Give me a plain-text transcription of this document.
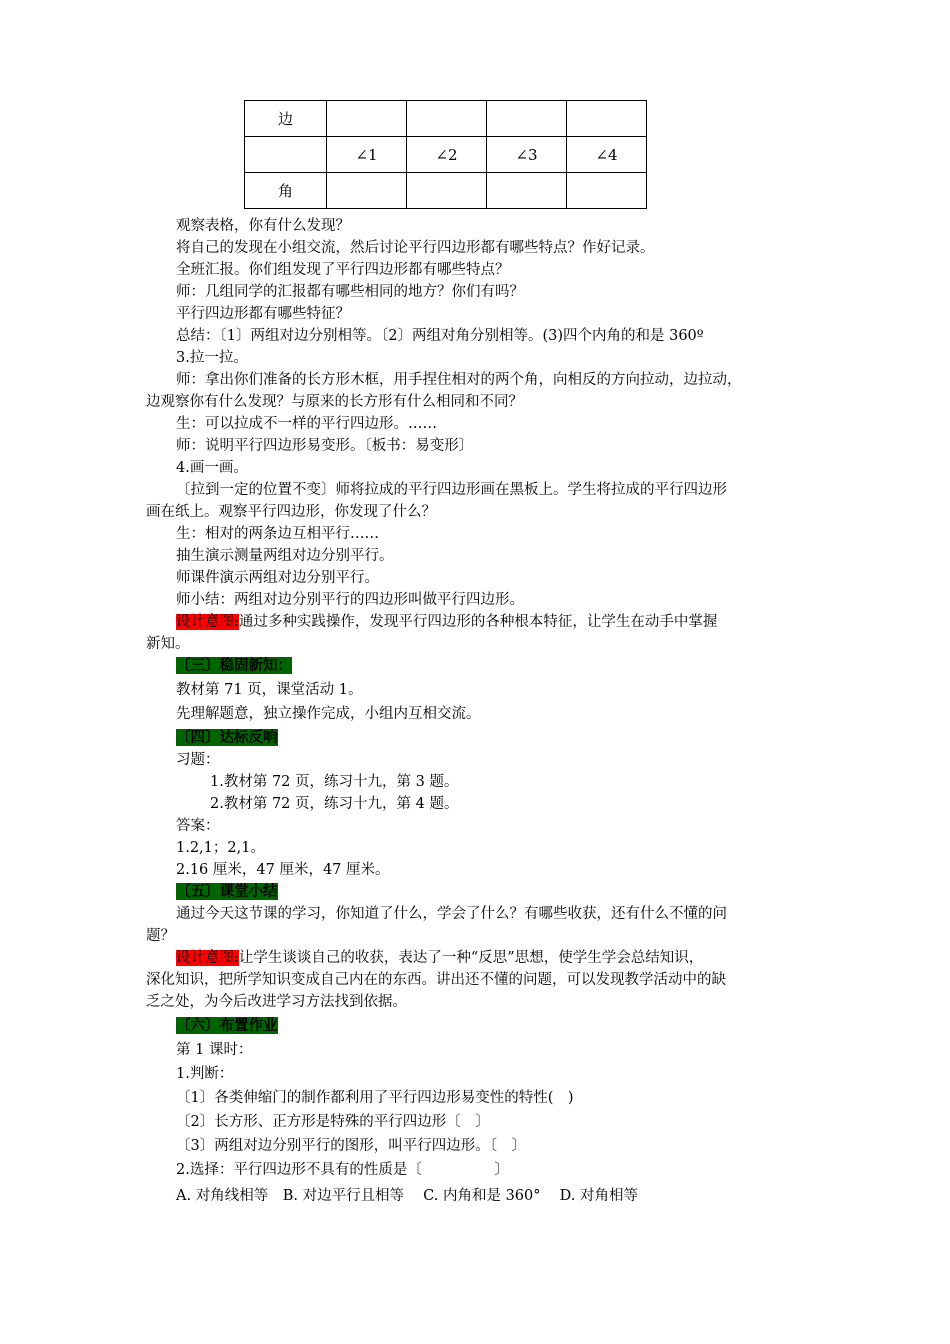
边				
	∠1	∠2	∠3	∠4
角				
观察表格，你有什么发现？
将自己的发现在小组交流，然后讨论平行四边形都有哪些特点？作好记录。
全班汇报。你们组发现了平行四边形都有哪些特点？
师：几组同学的汇报都有哪些相同的地方？你们有吗？
平行四边形都有哪些特征？
总结：〔1〕两组对边分别相等。〔2〕两组对角分别相等。(3)四个内角的和是 360º
3.拉一拉。
师：拿出你们准备的长方形木框，用手捏住相对的两个角，向相反的方向拉动，边拉动，
边观察你有什么发现？与原来的长方形有什么相同和不同？
生：可以拉成不一样的平行四边形。……
师：说明平行四边形易变形。〔板书：易变形〕
4.画一画。
〔拉到一定的位置不变〕师将拉成的平行四边形画在黑板上。学生将拉成的平行四边形
画在纸上。观察平行四边形，你发现了什么？
生：相对的两条边互相平行……
抽生演示测量两组对边分别平行。
师课件演示两组对边分别平行。
师小结：两组对边分别平行的四边形叫做平行四边形。
设计意图:通过多种实践操作，发现平行四边形的各种根本特征，让学生在动手中掌握
新知。
〔三〕稳固新知：
教材第 71 页，课堂活动 1。
先理解题意，独立操作完成，小组内互相交流。
〔四〕达标反响
习题：
1.教材第 72 页，练习十九，第 3 题。
2.教材第 72 页，练习十九，第 4 题。
答案：
1.2,1；2,1。
2.16 厘米，47 厘米，47 厘米。
〔五〕课堂小结
通过今天这节课的学习，你知道了什么，学会了什么？有哪些收获，还有什么不懂的问
题？
设计意图:让学生谈谈自己的收获，表达了一种“反思”思想，使学生学会总结知识，
深化知识，把所学知识变成自己内在的东西。讲出还不懂的问题，可以发现教学活动中的缺
乏之处，为今后改进学习方法找到依据。
〔六〕布置作业
第 1 课时：
1.判断：
〔1〕各类伸缩门的制作都利用了平行四边形易变性的特性(　)
〔2〕长方形、正方形是特殊的平行四边形〔　〕
〔3〕两组对边分别平行的图形，叫平行四边形。〔　〕
2.选择：平行四边形不具有的性质是〔　　　　　〕
A. 对角线相等　B. 对边平行且相等　 C. 内角和是 360°　 D. 对角相等
